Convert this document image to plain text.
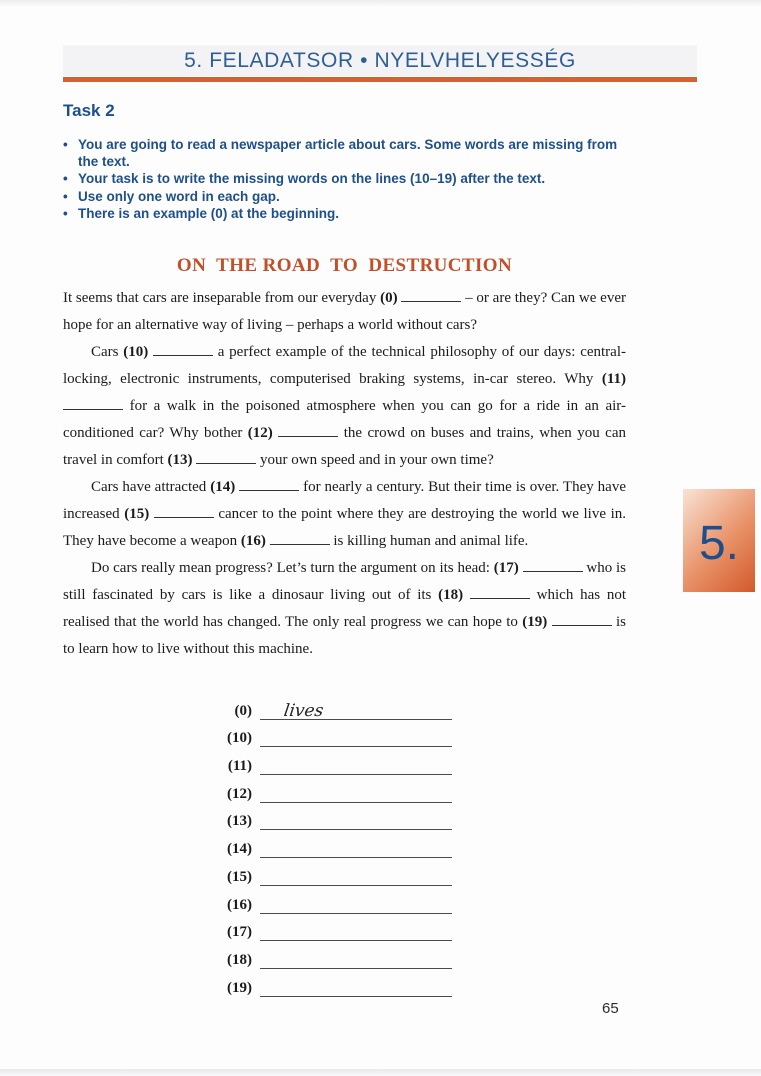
5. FELADATSOR • NYELVHELYESSÉG
Task 2
• You are going to read a newspaper article about cars. Some words are missing from the text.
• Your task is to write the missing words on the lines (10–19) after the text.
• Use only one word in each gap.
• There is an example (0) at the beginning.
ON  THE ROAD  TO  DESTRUCTION

It seems that cars are inseparable from our everyday (0)	– or are they? Can we ever hope for an alternative way of living – perhaps a world without cars?

Cars (10)	a perfect example of the technical philosophy of our days: central-locking, electronic instruments, computerised braking systems, in-car stereo. Why (11)  for a walk in the poisoned atmosphere when you can go for a ride in an air-conditioned car? Why bother (12)	the crowd on buses and trains, when you can travel in comfort (13)	your own speed and in your own time?

Cars have attracted (14)	for nearly a century. But their time is over. They have increased (15)	cancer to the point where they are destroying the world we live in. They have become a weapon (16)	is killing human and animal life.

Do cars really mean progress? Let’s turn the argument on its head: (17)	who is still fascinated by cars is like a dinosaur living out of its (18)	which has not realised that the world has changed. The only real progress we can hope to (19)	is to learn how to live without this machine.

(0)	lives
(10)
(11)
(12)
(13)
(14)
(15)
(16)
(17)
(18)
(19)
5.
65
